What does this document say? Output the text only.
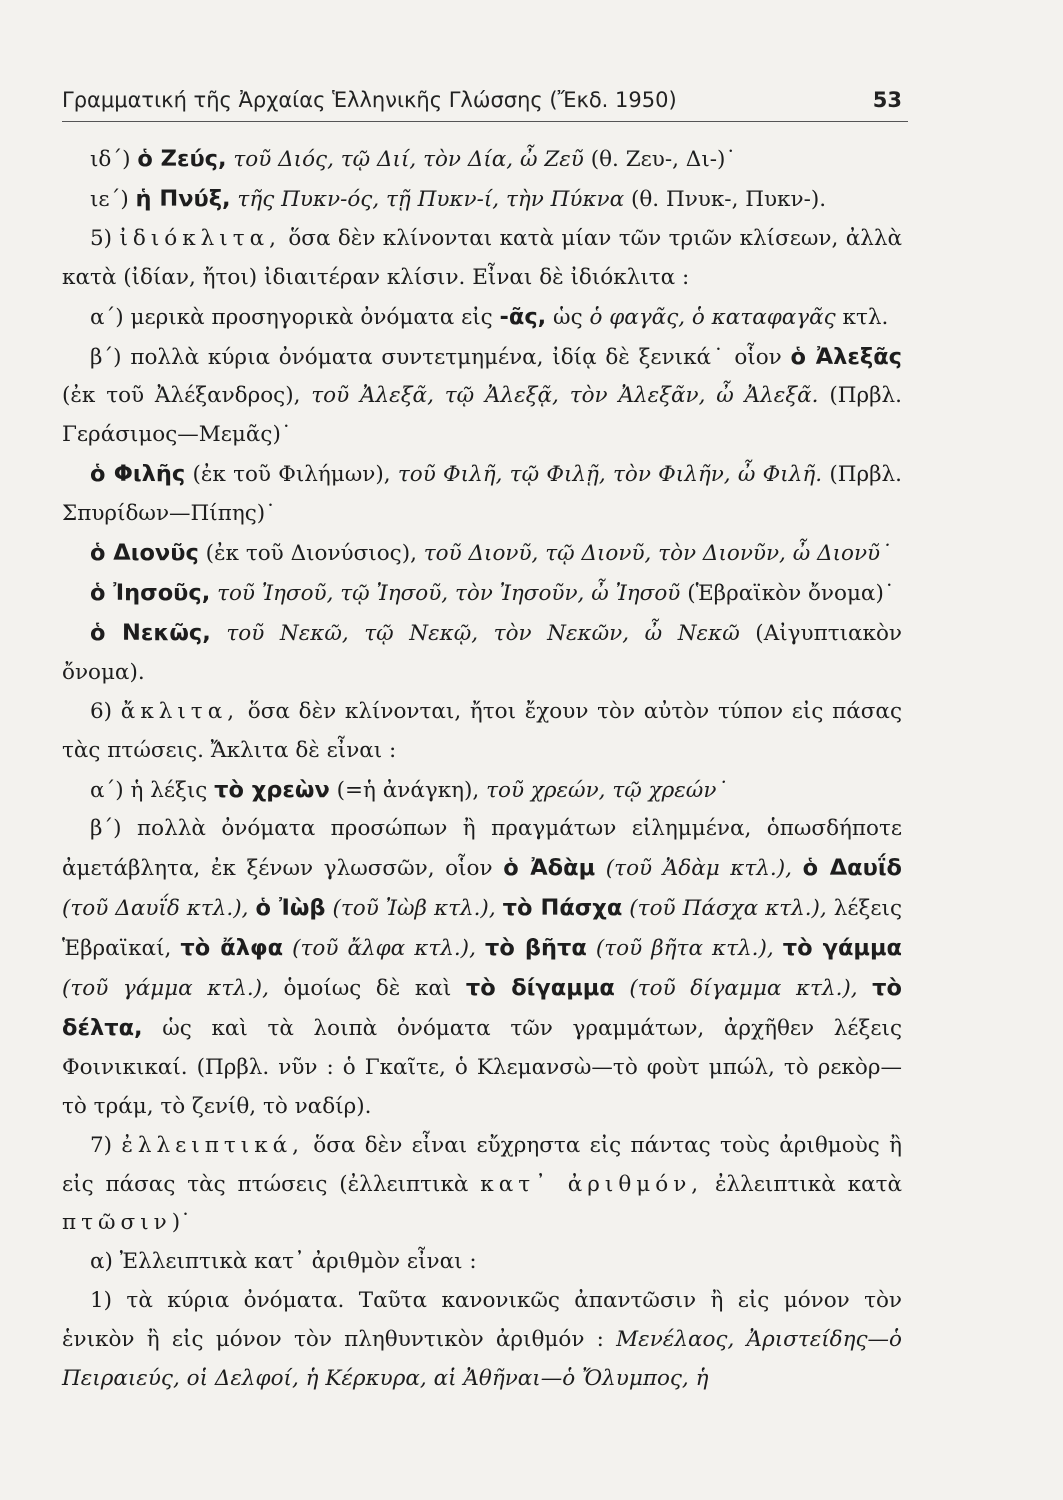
Γραμματική τῆς Ἀρχαίας Ἑλληνικῆς Γλώσσης (Ἔκδ. 1950)	53

ιδ΄) ὁ Ζεύς, τοῦ Διός, τῷ Διί, τὸν Δία, ὦ Ζεῦ (θ. Ζευ-, Δι-)˙

ιε΄) ἡ Πνύξ, τῆς Πυκν-ός, τῇ Πυκν-ί, τὴν Πύκνα (θ. Πνυκ-, Πυκν-).

5) ἰδιόκλιτα, ὅσα δὲν κλίνονται κατὰ μίαν τῶν τριῶν κλίσεων, ἀλλὰ κατὰ (ἰδίαν, ἤτοι) ἰδιαιτέραν κλίσιν. Εἶναι δὲ ἰδιόκλιτα :

α΄) μερικὰ προσηγορικὰ ὀνόματα εἰς -ᾶς, ὡς ὁ φαγᾶς, ὁ καταφαγᾶς κτλ.

β΄) πολλὰ κύρια ὀνόματα συντετμημένα, ἰδίᾳ δὲ ξενικά˙ οἷον ὁ Ἀλεξᾶς (ἐκ τοῦ Ἀλέξανδρος), τοῦ Ἀλεξᾶ, τῷ Ἀλεξᾷ, τὸν Ἀλεξᾶν, ὦ Ἀλεξᾶ. (Πρβλ. Γεράσιμος—Μεμᾶς)˙

ὁ Φιλῆς (ἐκ τοῦ Φιλήμων), τοῦ Φιλῆ, τῷ Φιλῇ, τὸν Φιλῆν, ὦ Φιλῆ. (Πρβλ. Σπυρίδων—Πίπης)˙

ὁ Διονῦς (ἐκ τοῦ Διονύσιος), τοῦ Διονῦ, τῷ Διονῦ, τὸν Διονῦν, ὦ Διονῦ˙

ὁ Ἰησοῦς, τοῦ Ἰησοῦ, τῷ Ἰησοῦ, τὸν Ἰησοῦν, ὦ Ἰησοῦ (Ἑβραϊκὸν ὄνομα)˙

ὁ Νεκῶς, τοῦ Νεκῶ, τῷ Νεκῷ, τὸν Νεκῶν, ὦ Νεκῶ (Αἰγυπτιακὸν ὄνομα).

6) ἄκλιτα, ὅσα δὲν κλίνονται, ἤτοι ἔχουν τὸν αὐτὸν τύπον εἰς πάσας τὰς πτώσεις. Ἄκλιτα δὲ εἶναι :

α΄) ἡ λέξις τὸ χρεὼν (=ἡ ἀνάγκη), τοῦ χρεών, τῷ χρεών˙

β΄) πολλὰ ὀνόματα προσώπων ἢ πραγμάτων εἰλημμένα, ὁπωσδήποτε ἀμετάβλητα, ἐκ ξένων γλωσσῶν, οἷον ὁ Ἀδὰμ (τοῦ Ἀδὰμ κτλ.), ὁ Δαυΐδ (τοῦ Δαυΐδ κτλ.), ὁ Ἰὼβ (τοῦ Ἰὼβ κτλ.), τὸ Πάσχα (τοῦ Πάσχα κτλ.), λέξεις Ἑβραϊκαί, τὸ ἄλφα (τοῦ ἄλφα κτλ.), τὸ βῆτα (τοῦ βῆτα κτλ.), τὸ γάμμα (τοῦ γάμμα κτλ.), ὁμοίως δὲ καὶ τὸ δίγαμμα (τοῦ δίγαμμα κτλ.), τὸ δέλτα, ὡς καὶ τὰ λοιπὰ ὀνόματα τῶν γραμμάτων, ἀρχῆθεν λέξεις Φοινικικαί. (Πρβλ. νῦν : ὁ Γκαῖτε, ὁ Κλεμανσὼ—τὸ φοὺτ μπώλ, τὸ ρεκὸρ—τὸ τράμ, τὸ ζενίθ, τὸ ναδίρ).

7) ἐλλειπτικά, ὅσα δὲν εἶναι εὔχρηστα εἰς πάντας τοὺς ἀριθμοὺς ἢ εἰς πάσας τὰς πτώσεις (ἐλλειπτικὰ κατ᾽ ἀριθμόν, ἐλλειπτικὰ κατὰ πτῶσιν)˙

α) Ἐλλειπτικὰ κατ᾽ ἀριθμὸν εἶναι :

1) τὰ κύρια ὀνόματα. Ταῦτα κανονικῶς ἀπαντῶσιν ἢ εἰς μόνον τὸν ἑνικὸν ἢ εἰς μόνον τὸν πληθυντικὸν ἀριθμόν : Μενέλαος, Ἀριστείδης—ὁ Πειραιεύς, οἱ Δελφοί, ἡ Κέρκυρα, αἱ Ἀθῆναι—ὁ Ὄλυμπος, ἡ
